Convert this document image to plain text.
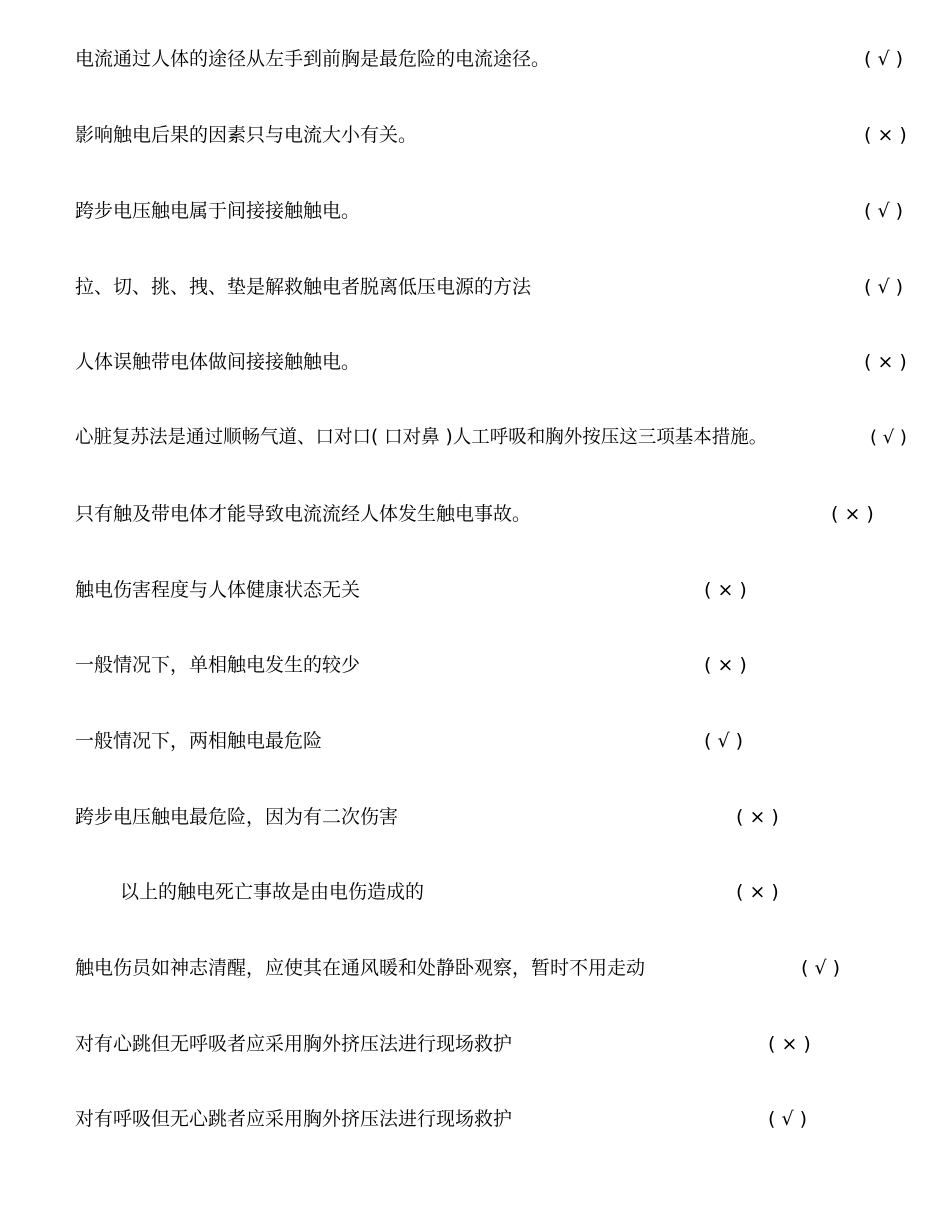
电流通过人体的途径从左手到前胸是最危险的电流途径。	( √ )
影响触电后果的因素只与电流大小有关。	( × )
跨步电压触电属于间接接触触电。	( √ )
拉、切、挑、拽、垫是解救触电者脱离低压电源的方法	( √ )
人体误触带电体做间接接触触电。	( × )
心脏复苏法是通过顺畅气道、口对口( 口对鼻 )人工呼吸和胸外按压这三项基本措施。	( √ )
只有触及带电体才能导致电流流经人体发生触电事故。	( × )
触电伤害程度与人体健康状态无关	( × )
一般情况下，单相触电发生的较少	( × )
一般情况下，两相触电最危险	( √ )
跨步电压触电最危险，因为有二次伤害	( × )
以上的触电死亡事故是由电伤造成的	( × )
触电伤员如神志清醒，应使其在通风暖和处静卧观察，暂时不用走动	( √ )
对有心跳但无呼吸者应采用胸外挤压法进行现场救护	( × )
对有呼吸但无心跳者应采用胸外挤压法进行现场救护	( √ )
